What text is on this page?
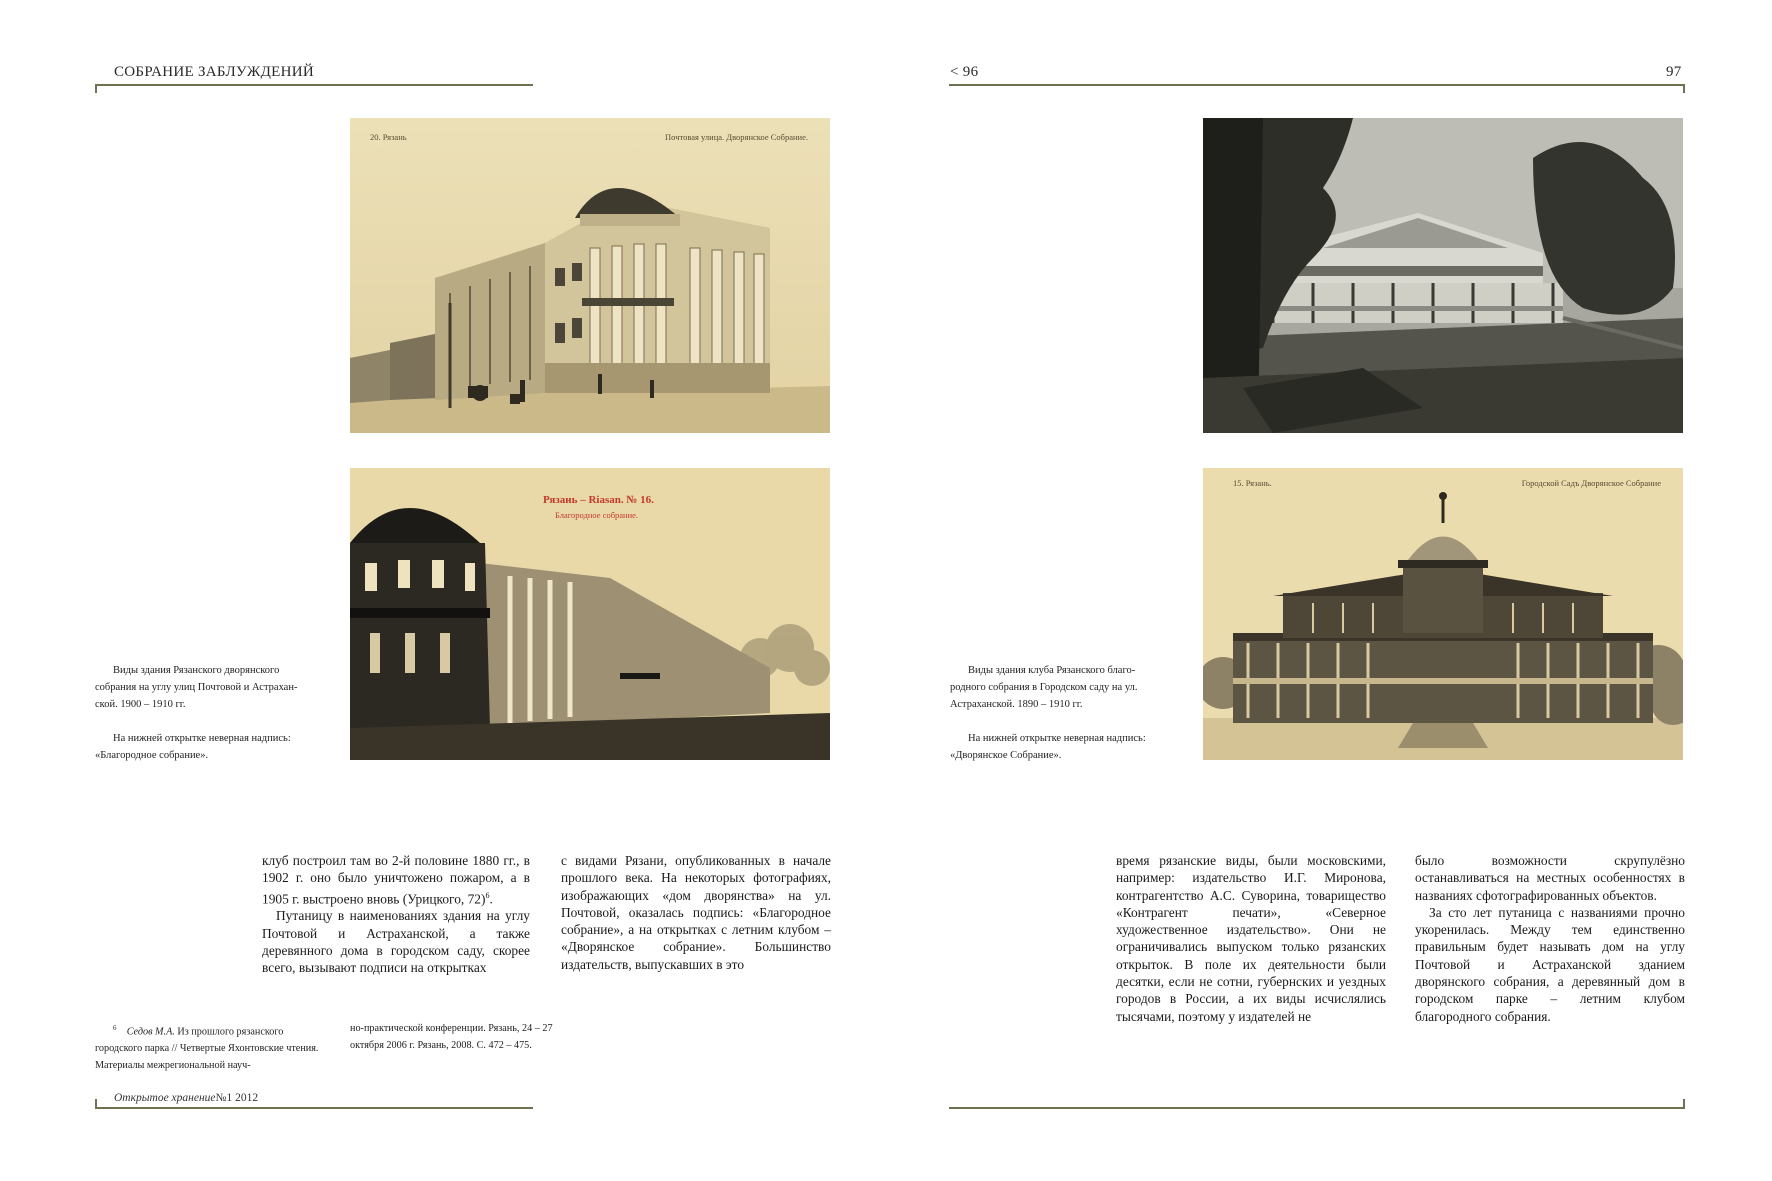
СОБРАНИЕ ЗАБЛУЖДЕНИЙ	< 96	97
20. Рязань	Почтовая улица. Дворянское Собрание.
Рязань – Riasan. № 16.
Благородное собрание.
15. Рязань.	Городской Садъ Дворянское Собрание

Виды здания Рязанского дворянского

собрания на углу улиц Почтовой и Астрахан-

ской. 1900 – 1910 гг.

На нижней открытке неверная надпись:

«Благородное собрание».

Виды здания клуба Рязанского благо-

родного собрания в Городском саду на ул.

Астраханской. 1890 – 1910 гг.

На нижней открытке неверная надпись:

«Дворянское Собрание».

клуб построил там во 2-й половине 1880 гг., в 1902 г. оно было уничтожено пожаром, а в 1905 г. выстроено вновь (Урицкого, 72)$^6$.

Путаницу в наименованиях здания на углу Почтовой и Астраханской, а также деревянного дома в городском саду, скорее всего, вызывают подписи на открытках

с видами Рязани, опубликованных в начале прошлого века. На некоторых фотографиях, изображающих «дом дворянства» на ул. Почтовой, оказалась подпись: «Благородное собрание», а на открытках с летним клубом – «Дворянское собрание». Большинство издательств, выпускавших в это

время рязанские виды, были московскими, например: издательство И.Г. Миронова, контрагентство А.С. Суворина, товарищество «Контрагент печати», «Северное художественное издательство». Они не ограничивались выпуском только рязанских открыток. В поле их деятельности были десятки, если не сотни, губернских и уездных городов в России, а их виды исчислялись тысячами, поэтому у издателей не

было возможности скрупулёзно останавливаться на местных особенностях в названиях сфотографированных объектов.

За сто лет путаница с названиями прочно укоренилась. Между тем единственно правильным будет называть дом на углу Почтовой и Астраханской зданием дворянского собрания, а деревянный дом в городском парке – летним клубом благородного собрания.

$^6$ Седов М.А. Из прошлого рязанского городского парка // Четвертые Яхонтовские чтения. Материалы межрегиональной науч-

но-практической конференции. Рязань, 24 – 27 октября 2006 г. Рязань, 2008. С. 472 – 475.

Открытое хранение№1 2012
